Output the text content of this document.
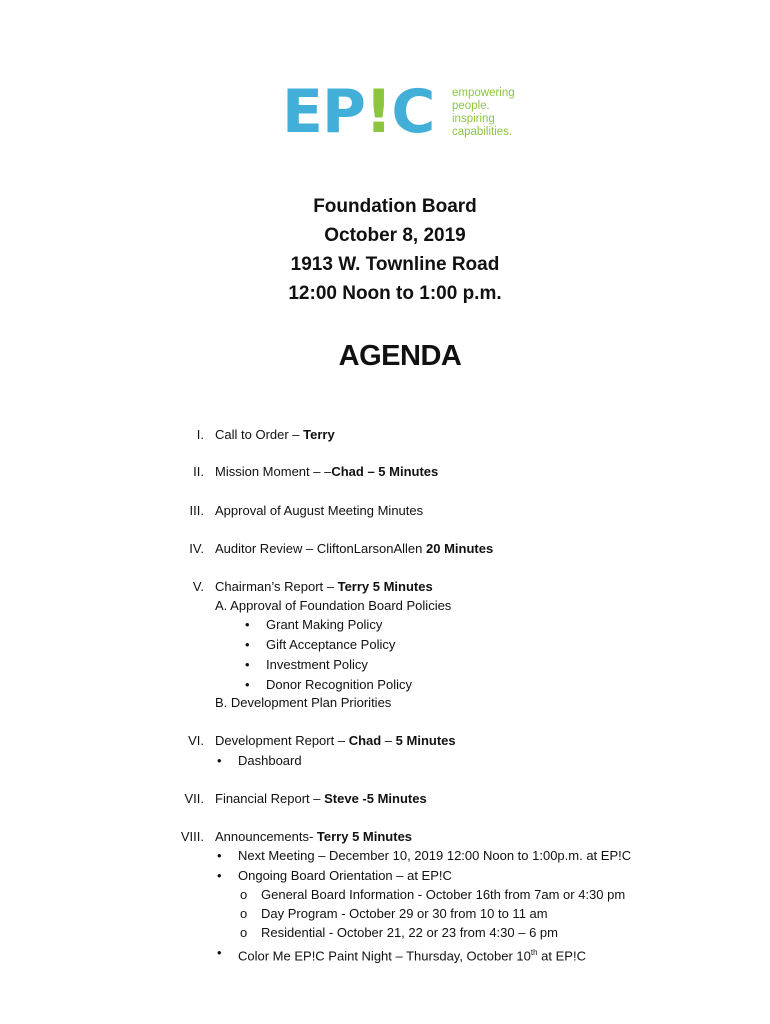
EP!C empowering
people.
inspiring
capabilities.
Foundation Board
October 8, 2019
1913 W. Townline Road
12:00 Noon to 1:00 p.m.
AGENDA
I. Call to Order – Terry
II. Mission Moment – –Chad – 5 Minutes
III. Approval of August Meeting Minutes
IV. Auditor Review – CliftonLarsonAllen 20 Minutes
V. Chairman’s Report – Terry 5 Minutes
A. Approval of Foundation Board Policies
• Grant Making Policy
• Gift Acceptance Policy
• Investment Policy
• Donor Recognition Policy
B. Development Plan Priorities
VI. Development Report – Chad – 5 Minutes
• Dashboard
VII. Financial Report – Steve -5 Minutes
VIII. Announcements- Terry 5 Minutes
• Next Meeting – December 10, 2019 12:00 Noon to 1:00p.m. at EP!C
• Ongoing Board Orientation – at EP!C
o General Board Information - October 16th from 7am or 4:30 pm
o Day Program - October 29 or 30 from 10 to 11 am
o Residential - October 21, 22 or 23 from 4:30 – 6 pm
• Color Me EP!C Paint Night – Thursday, October 10th at EP!C
